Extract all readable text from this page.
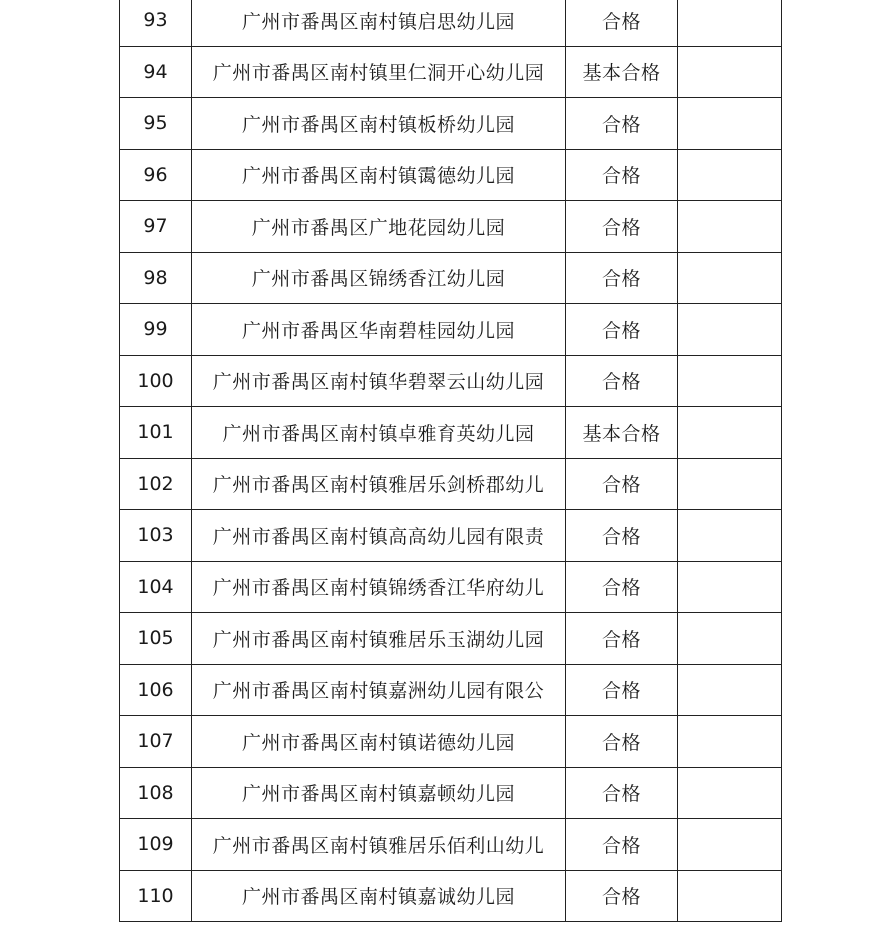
93	广州市番禺区南村镇启思幼儿园	合格	
94	广州市番禺区南村镇里仁洞开心幼儿园	基本合格	
95	广州市番禺区南村镇板桥幼儿园	合格	
96	广州市番禺区南村镇霭德幼儿园	合格	
97	广州市番禺区广地花园幼儿园	合格	
98	广州市番禺区锦绣香江幼儿园	合格	
99	广州市番禺区华南碧桂园幼儿园	合格	
100	广州市番禺区南村镇华碧翠云山幼儿园	合格	
101	广州市番禺区南村镇卓雅育英幼儿园	基本合格	
102	广州市番禺区南村镇雅居乐剑桥郡幼儿	合格	
103	广州市番禺区南村镇高高幼儿园有限责	合格	
104	广州市番禺区南村镇锦绣香江华府幼儿	合格	
105	广州市番禺区南村镇雅居乐玉湖幼儿园	合格	
106	广州市番禺区南村镇嘉洲幼儿园有限公	合格	
107	广州市番禺区南村镇诺德幼儿园	合格	
108	广州市番禺区南村镇嘉顿幼儿园	合格	
109	广州市番禺区南村镇雅居乐佰利山幼儿	合格	
110	广州市番禺区南村镇嘉诚幼儿园	合格	
